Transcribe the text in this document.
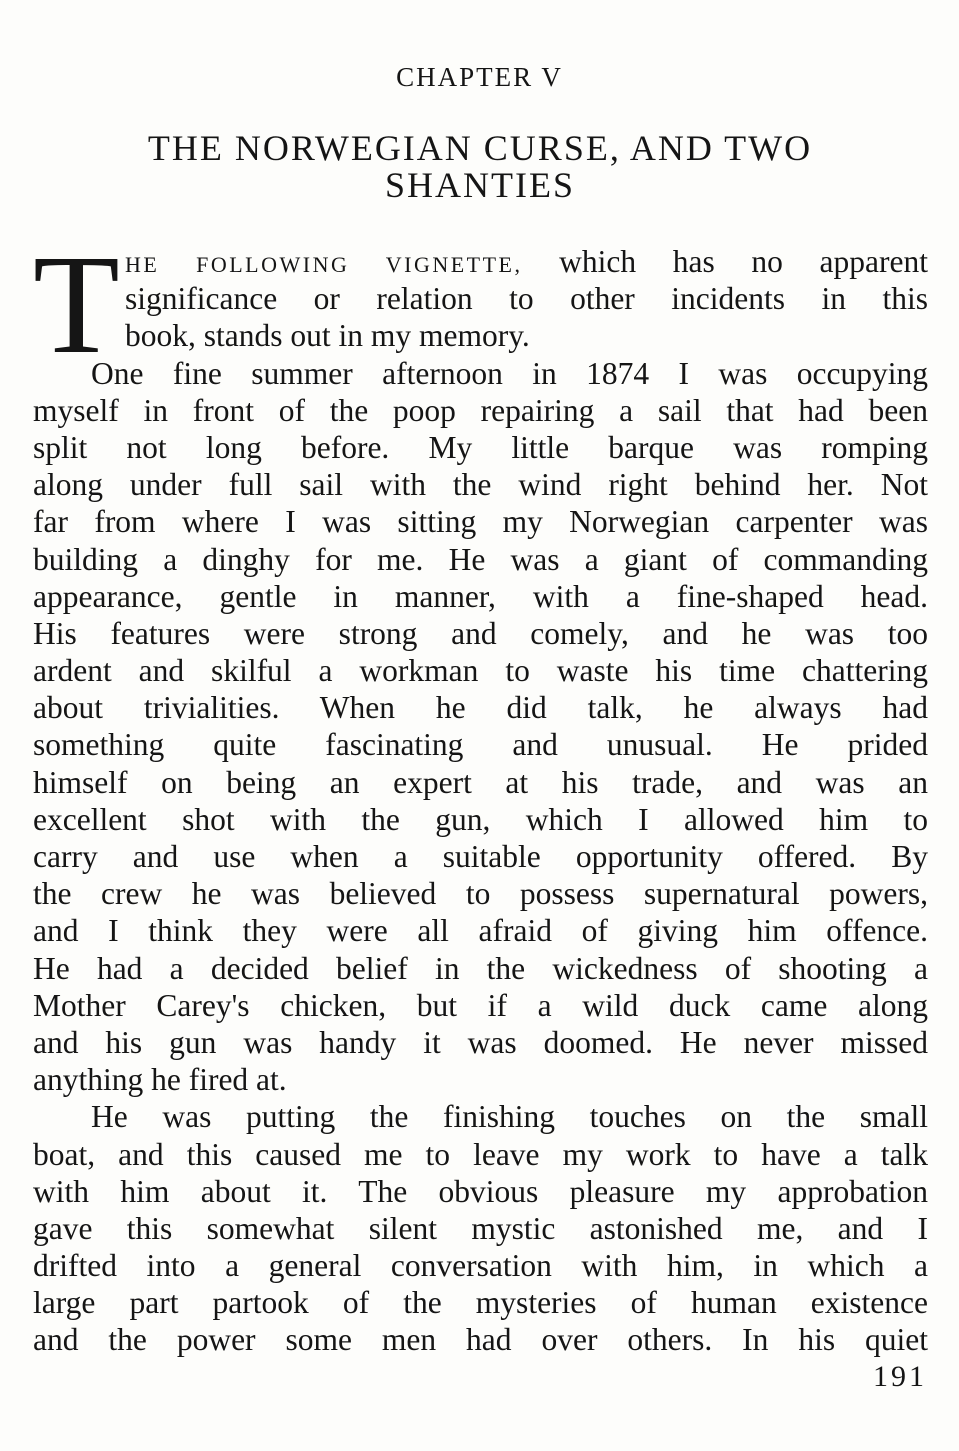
CHAPTER V
THE NORWEGIAN CURSE, AND TWO SHANTIES
T HE FOLLOWING VIGNETTE, which has no apparent
significance or relation to other incidents in this
book, stands out in my memory.
One fine summer afternoon in 1874 I was occupying
myself in front of the poop repairing a sail that had been
split not long before. My little barque was romping
along under full sail with the wind right behind her. Not
far from where I was sitting my Norwegian carpenter was
building a dinghy for me. He was a giant of commanding
appearance, gentle in manner, with a fine-shaped head.
His features were strong and comely, and he was too
ardent and skilful a workman to waste his time chattering
about trivialities. When he did talk, he always had
something quite fascinating and unusual. He prided
himself on being an expert at his trade, and was an
excellent shot with the gun, which I allowed him to
carry and use when a suitable opportunity offered. By
the crew he was believed to possess supernatural powers,
and I think they were all afraid of giving him offence.
He had a decided belief in the wickedness of shooting a
Mother Carey's chicken, but if a wild duck came along
and his gun was handy it was doomed. He never missed
anything he fired at.
He was putting the finishing touches on the small
boat, and this caused me to leave my work to have a talk
with him about it. The obvious pleasure my approbation
gave this somewhat silent mystic astonished me, and I
drifted into a general conversation with him, in which a
large part partook of the mysteries of human existence
and the power some men had over others. In his quiet
191
